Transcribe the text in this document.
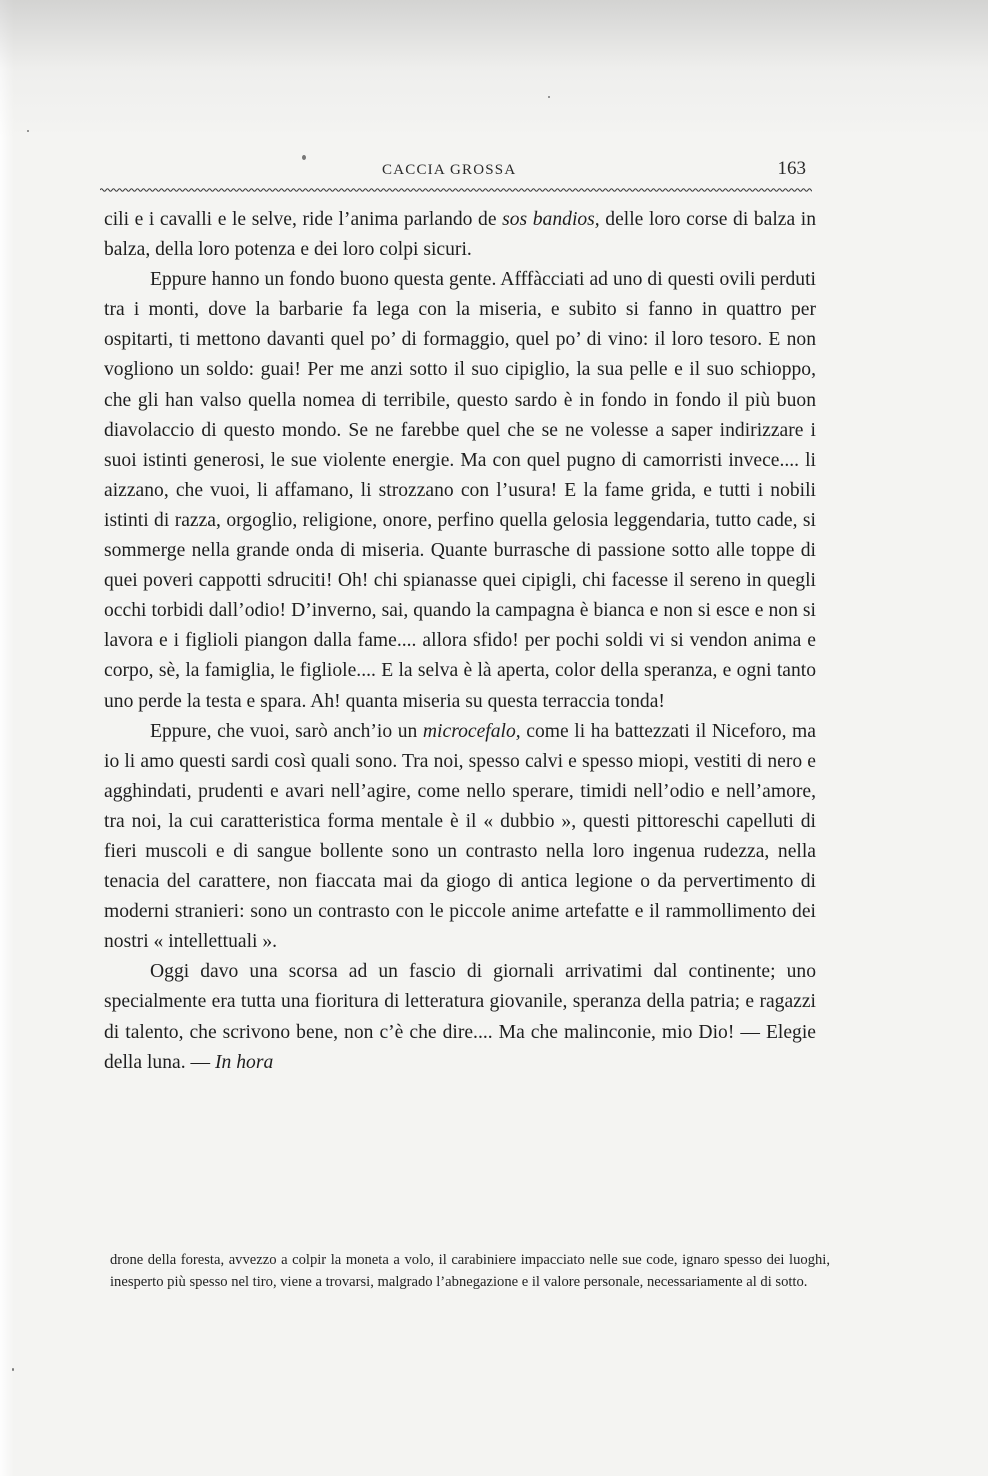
CACCIA GROSSA	163

cili e i cavalli e le selve, ride l’anima parlando de sos bandios, delle loro corse di balza in balza, della loro potenza e dei loro colpi sicuri.

Eppure hanno un fondo buono questa gente. Afffàcciati ad uno di questi ovili perduti tra i monti, dove la barbarie fa lega con la miseria, e subito si fanno in quattro per ospitarti, ti mettono davanti quel po’ di formaggio, quel po’ di vino: il loro tesoro. E non vogliono un soldo: guai! Per me anzi sotto il suo cipiglio, la sua pelle e il suo schioppo, che gli han valso quella nomea di terribile, questo sardo è in fondo in fondo il più buon diavolaccio di questo mondo. Se ne farebbe quel che se ne volesse a saper indirizzare i suoi istinti generosi, le sue violente energie. Ma con quel pugno di camorristi invece.... li aizzano, che vuoi, li affamano, li strozzano con l’usura! E la fame grida, e tutti i nobili istinti di razza, orgoglio, religione, onore, perfino quella gelosia leggendaria, tutto cade, si sommerge nella grande onda di miseria. Quante burrasche di passione sotto alle toppe di quei poveri cappotti sdruciti! Oh! chi spianasse quei cipigli, chi facesse il sereno in quegli occhi torbidi dall’odio! D’inverno, sai, quando la campagna è bianca e non si esce e non si lavora e i figlioli piangon dalla fame.... allora sfido! per pochi soldi vi si vendon anima e corpo, sè, la famiglia, le figliole.... E la selva è là aperta, color della speranza, e ogni tanto uno perde la testa e spara. Ah! quanta miseria su questa terraccia tonda!

Eppure, che vuoi, sarò anch’io un microcefalo, come li ha battezzati il Niceforo, ma io li amo questi sardi così quali sono. Tra noi, spesso calvi e spesso miopi, vestiti di nero e agghindati, prudenti e avari nell’agire, come nello sperare, timidi nell’odio e nell’amore, tra noi, la cui caratteristica forma mentale è il « dubbio », questi pittoreschi capelluti di fieri muscoli e di sangue bollente sono un contrasto nella loro ingenua rudezza, nella tenacia del carattere, non fiaccata mai da giogo di antica legione o da pervertimento di moderni stranieri: sono un contrasto con le piccole anime artefatte e il rammollimento dei nostri « intellettuali ».

Oggi davo una scorsa ad un fascio di giornali arrivatimi dal continente; uno specialmente era tutta una fioritura di letteratura giovanile, speranza della patria; e ragazzi di talento, che scrivono bene, non c’è che dire.... Ma che malinconie, mio Dio! — Elegie della luna. — In hora

drone della foresta, avvezzo a colpir la moneta a volo, il carabiniere impacciato nelle sue code, ignaro spesso dei luoghi, inesperto più spesso nel tiro, viene a trovarsi, malgrado l’abnegazione e il valore personale, necessariamente al di sotto.
